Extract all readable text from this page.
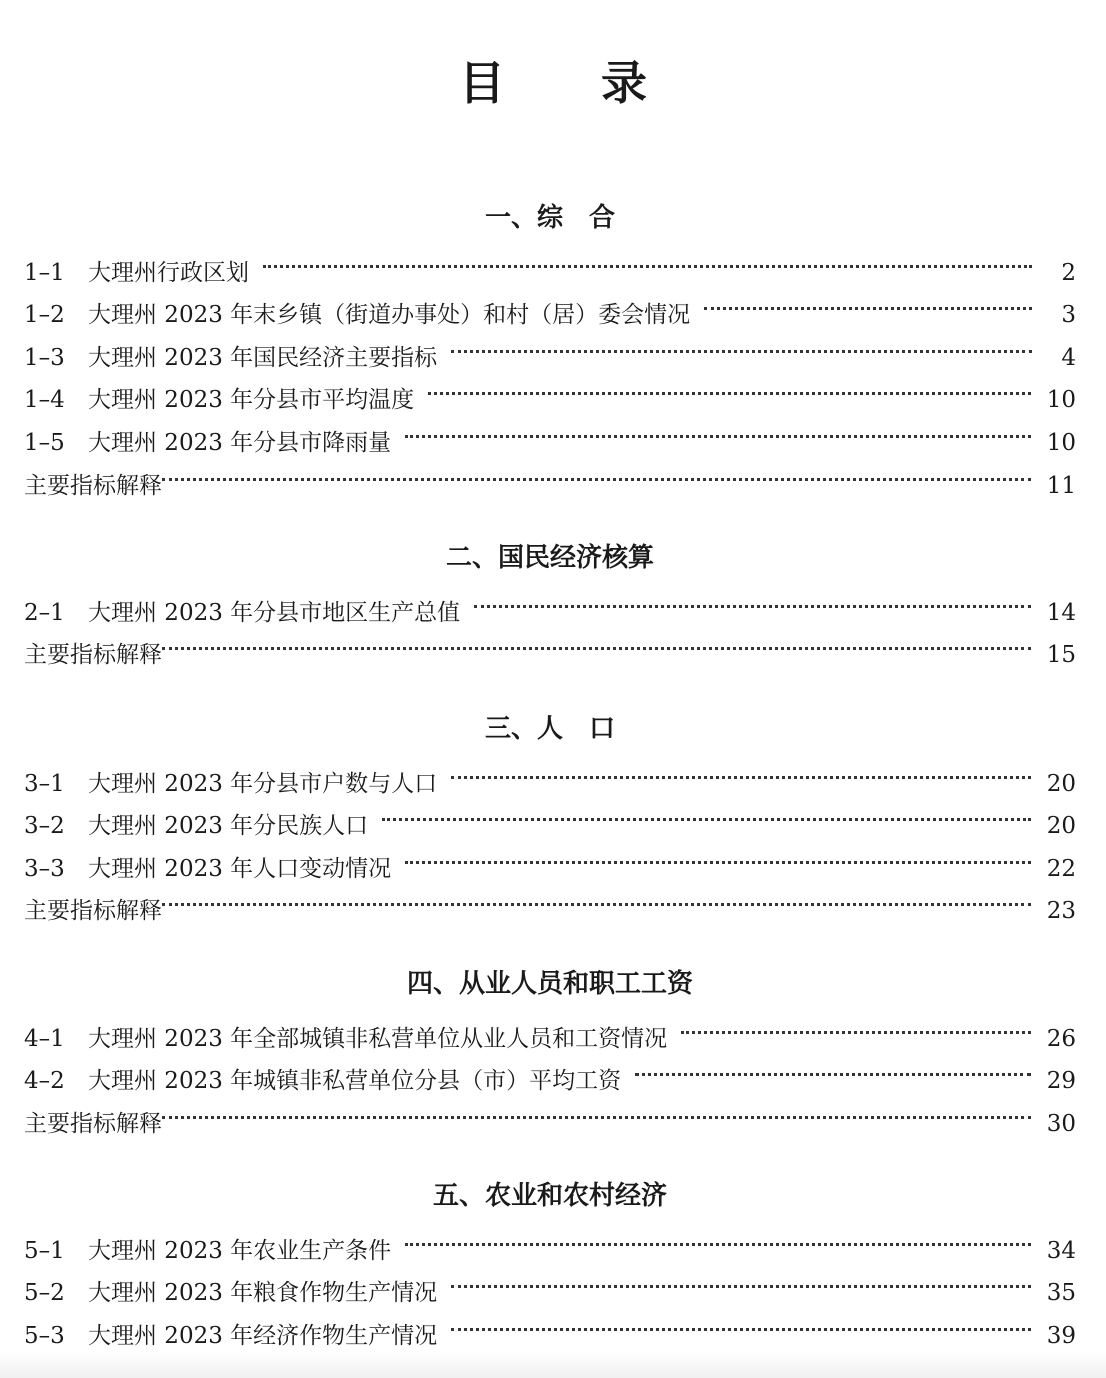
目 录
一、综　合
1–1	大理州行政区划	2
1–2	大理州 2023 年末乡镇（街道办事处）和村（居）委会情况	3
1–3	大理州 2023 年国民经济主要指标	4
1–4	大理州 2023 年分县市平均温度	10
1–5	大理州 2023 年分县市降雨量	10
主要指标解释	11
二、国民经济核算
2–1	大理州 2023 年分县市地区生产总值	14
主要指标解释	15
三、人　口
3–1	大理州 2023 年分县市户数与人口	20
3–2	大理州 2023 年分民族人口	20
3–3	大理州 2023 年人口变动情况	22
主要指标解释	23
四、从业人员和职工工资
4–1	大理州 2023 年全部城镇非私营单位从业人员和工资情况	26
4–2	大理州 2023 年城镇非私营单位分县（市）平均工资	29
主要指标解释	30
五、农业和农村经济
5–1	大理州 2023 年农业生产条件	34
5–2	大理州 2023 年粮食作物生产情况	35
5–3	大理州 2023 年经济作物生产情况	39
